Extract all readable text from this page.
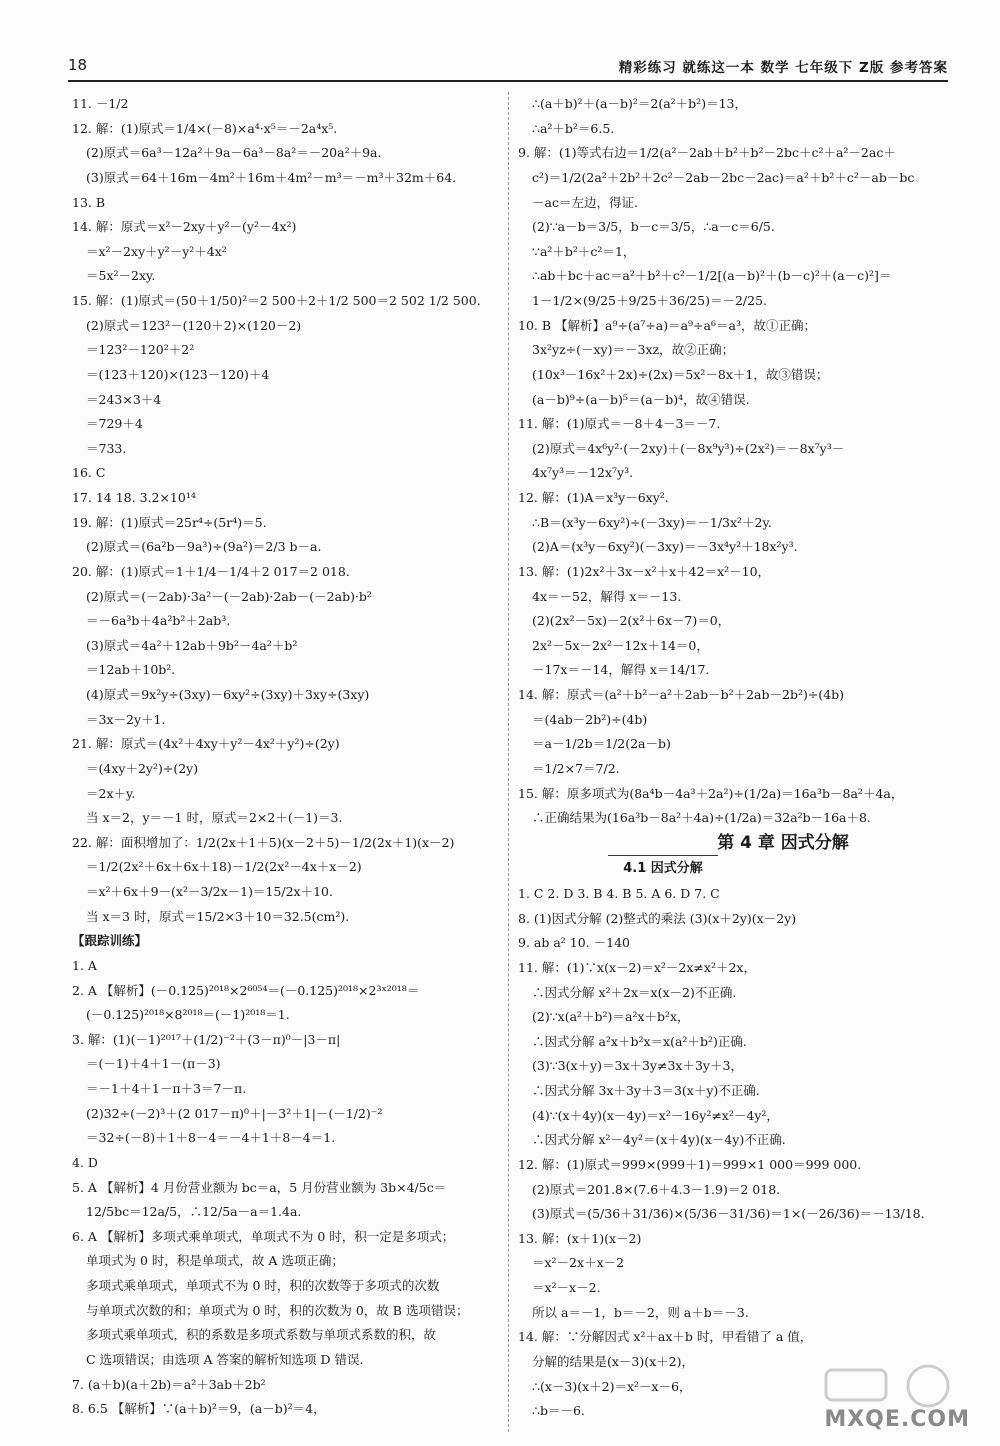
18	精彩练习 就练这一本 数学 七年级下 Z版 参考答案
11. －1/2
12. 解：(1)原式＝1/4×(－8)×a⁴·x⁵＝－2a⁴x⁵.
(2)原式＝6a³－12a²＋9a－6a³－8a²＝－20a²＋9a.
(3)原式＝64＋16m－4m²＋16m＋4m²－m³＝－m³＋32m＋64.
13. B
14. 解：原式＝x²－2xy＋y²－(y²－4x²)
＝x²－2xy＋y²－y²＋4x²
＝5x²－2xy.
15. 解：(1)原式＝(50＋1/50)²＝2 500＋2＋1/2 500＝2 502 1/2 500.
(2)原式＝123²－(120＋2)×(120－2)
＝123²－120²＋2²
＝(123＋120)×(123－120)＋4
＝243×3＋4
＝729＋4
＝733.
16. C
17. 14 18. 3.2×10¹⁴
19. 解：(1)原式＝25r⁴÷(5r⁴)＝5.
(2)原式＝(6a²b－9a³)÷(9a²)＝2/3 b－a.
20. 解：(1)原式＝1＋1/4－1/4＋2 017＝2 018.
(2)原式＝(－2ab)·3a²－(－2ab)·2ab－(－2ab)·b²
＝－6a³b＋4a²b²＋2ab³.
(3)原式＝4a²＋12ab＋9b²－4a²＋b²
＝12ab＋10b².
(4)原式＝9x²y÷(3xy)－6xy²÷(3xy)＋3xy÷(3xy)
＝3x－2y＋1.
21. 解：原式＝(4x²＋4xy＋y²－4x²＋y²)÷(2y)
＝(4xy＋2y²)÷(2y)
＝2x＋y.
当 x＝2，y＝－1 时，原式＝2×2＋(－1)＝3.
22. 解：面积增加了：1/2(2x＋1＋5)(x－2＋5)－1/2(2x＋1)(x－2)
＝1/2(2x²＋6x＋6x＋18)－1/2(2x²－4x＋x－2)
＝x²＋6x＋9－(x²－3/2x－1)＝15/2x＋10.
当 x＝3 时，原式＝15/2×3＋10＝32.5(cm²).
【跟踪训练】
1. A
2. A 【解析】(－0.125)²⁰¹⁸×2⁶⁰⁵⁴＝(－0.125)²⁰¹⁸×2³ˣ²⁰¹⁸＝
(－0.125)²⁰¹⁸×8²⁰¹⁸＝(－1)²⁰¹⁸＝1.
3. 解：(1)(－1)²⁰¹⁷＋(1/2)⁻²＋(3－π)⁰－|3－π|
＝(－1)＋4＋1－(π－3)
＝－1＋4＋1－π＋3＝7－π.
(2)32÷(－2)³＋(2 017－π)⁰＋|－3²＋1|－(－1/2)⁻²
＝32÷(－8)＋1＋8－4＝－4＋1＋8－4＝1.
4. D
5. A 【解析】4 月份营业额为 bc＝a，5 月份营业额为 3b×4/5c＝
12/5bc＝12a/5，∴12/5a－a＝1.4a.
6. A 【解析】多项式乘单项式，单项式不为 0 时，积一定是多项式；
单项式为 0 时，积是单项式，故 A 选项正确；
多项式乘单项式，单项式不为 0 时，积的次数等于多项式的次数
与单项式次数的和；单项式为 0 时，积的次数为 0，故 B 选项错误；
多项式乘单项式，积的系数是多项式系数与单项式系数的积，故
C 选项错误；由选项 A 答案的解析知选项 D 错误.
7. (a＋b)(a＋2b)＝a²＋3ab＋2b²
8. 6.5 【解析】∵(a＋b)²＝9，(a－b)²＝4，
∴(a＋b)²＋(a－b)²＝2(a²＋b²)＝13，
∴a²＋b²＝6.5.
9. 解：(1)等式右边＝1/2(a²－2ab＋b²＋b²－2bc＋c²＋a²－2ac＋
c²)＝1/2(2a²＋2b²＋2c²－2ab－2bc－2ac)＝a²＋b²＋c²－ab－bc
－ac＝左边，得证.
(2)∵a－b＝3/5，b－c＝3/5，∴a－c＝6/5.
∵a²＋b²＋c²＝1，
∴ab＋bc＋ac＝a²＋b²＋c²－1/2[(a－b)²＋(b－c)²＋(a－c)²]＝
1－1/2×(9/25＋9/25＋36/25)＝－2/25.
10. B 【解析】a⁹÷(a⁷÷a)＝a⁹÷a⁶＝a³，故①正确；
3x²yz÷(－xy)＝－3xz，故②正确；
(10x³－16x²＋2x)÷(2x)＝5x²－8x＋1，故③错误；
(a－b)⁹÷(a－b)⁵＝(a－b)⁴，故④错误.
11. 解：(1)原式＝－8＋4－3＝－7.
(2)原式＝4x⁶y²·(－2xy)＋(－8x⁹y³)÷(2x²)＝－8x⁷y³－
4x⁷y³＝－12x⁷y³.
12. 解：(1)A＝x³y－6xy².
∴B＝(x³y－6xy²)÷(－3xy)＝－1/3x²＋2y.
(2)A＝(x³y－6xy²)(－3xy)＝－3x⁴y²＋18x²y³.
13. 解：(1)2x²＋3x－x²＋x＋42＝x²－10，
4x＝－52，解得 x＝－13.
(2)(2x²－5x)－2(x²＋6x－7)＝0，
2x²－5x－2x²－12x＋14＝0，
－17x＝－14，解得 x＝14/17.
14. 解：原式＝(a²＋b²－a²＋2ab－b²＋2ab－2b²)÷(4b)
＝(4ab－2b²)÷(4b)
＝a－1/2b＝1/2(2a－b)
＝1/2×7＝7/2.
15. 解：原多项式为(8a⁴b－4a³＋2a²)÷(1/2a)＝16a³b－8a²＋4a，
∴正确结果为(16a³b－8a²＋4a)÷(1/2a)＝32a²b－16a＋8.
第 4 章 因式分解
4.1 因式分解
1. C 2. D 3. B 4. B 5. A 6. D 7. C
8. (1)因式分解 (2)整式的乘法 (3)(x＋2y)(x－2y)
9. ab a² 10. －140
11. 解：(1)∵x(x－2)＝x²－2x≠x²＋2x，
∴因式分解 x²＋2x＝x(x－2)不正确.
(2)∵x(a²＋b²)＝a²x＋b²x，
∴因式分解 a²x＋b²x＝x(a²＋b²)正确.
(3)∵3(x＋y)＝3x＋3y≠3x＋3y＋3，
∴因式分解 3x＋3y＋3＝3(x＋y)不正确.
(4)∵(x＋4y)(x－4y)＝x²－16y²≠x²－4y²，
∴因式分解 x²－4y²＝(x＋4y)(x－4y)不正确.
12. 解：(1)原式＝999×(999＋1)＝999×1 000＝999 000.
(2)原式＝201.8×(7.6＋4.3－1.9)＝2 018.
(3)原式＝(5/36＋31/36)×(5/36－31/36)＝1×(－26/36)＝－13/18.
13. 解：(x＋1)(x－2)
＝x²－2x＋x－2
＝x²－x－2.
所以 a＝－1，b＝－2，则 a＋b＝－3.
14. 解：∵分解因式 x²＋ax＋b 时，甲看错了 a 值，
分解的结果是(x－3)(x＋2)，
∴(x－3)(x＋2)＝x²－x－6，
∴b＝－6.	MXQE.COM
